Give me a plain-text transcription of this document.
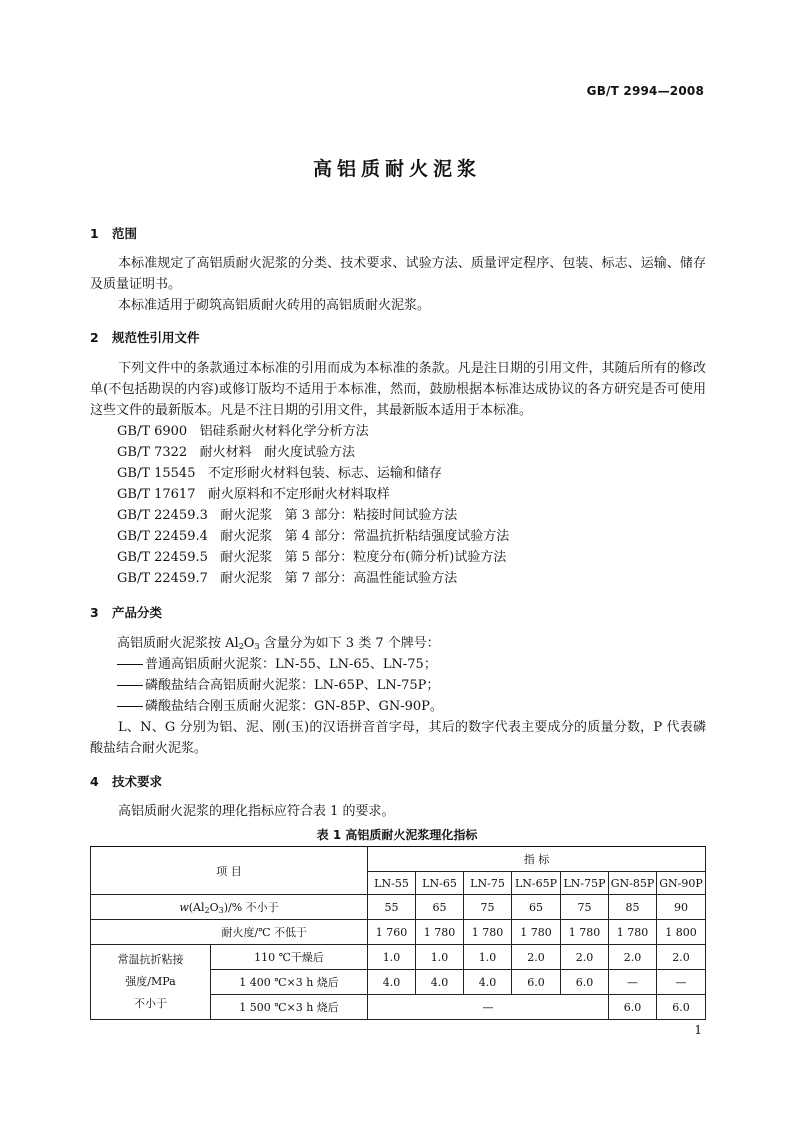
GB/T 2994—2008
高铝质耐火泥浆
1 范围
本标准规定了高铝质耐火泥浆的分类、技术要求、试验方法、质量评定程序、包装、标志、运输、储存及质量证明书。
本标准适用于砌筑高铝质耐火砖用的高铝质耐火泥浆。
2 规范性引用文件
下列文件中的条款通过本标准的引用而成为本标准的条款。凡是注日期的引用文件，其随后所有的修改单(不包括勘误的内容)或修订版均不适用于本标准，然而，鼓励根据本标准达成协议的各方研究是否可使用这些文件的最新版本。凡是不注日期的引用文件，其最新版本适用于本标准。
GB/T 6900   铝硅系耐火材料化学分析方法
GB/T 7322   耐火材料   耐火度试验方法
GB/T 15545   不定形耐火材料包装、标志、运输和储存
GB/T 17617   耐火原料和不定形耐火材料取样
GB/T 22459.3   耐火泥浆   第 3 部分：粘接时间试验方法
GB/T 22459.4   耐火泥浆   第 4 部分：常温抗折粘结强度试验方法
GB/T 22459.5   耐火泥浆   第 5 部分：粒度分布(筛分析)试验方法
GB/T 22459.7   耐火泥浆   第 7 部分：高温性能试验方法
3 产品分类
高铝质耐火泥浆按 $Al_2O_3$ 含量分为如下 3 类 7 个牌号：
普通高铝质耐火泥浆：LN-55、LN-65、LN-75；
磷酸盐结合高铝质耐火泥浆：LN-65P、LN-75P；
磷酸盐结合刚玉质耐火泥浆：GN-85P、GN-90P。
L、N、G 分别为铝、泥、刚(玉)的汉语拼音首字母，其后的数字代表主要成分的质量分数，P 代表磷酸盐结合耐火泥浆。
4 技术要求
高铝质耐火泥浆的理化指标应符合表 1 的要求。
表 1 高铝质耐火泥浆理化指标
项 目		指 标						
		LN-55	LN-65	LN-75	LN-65P	LN-75P	GN-85P	GN-90P
$w(Al_2O_3)/\%$ 不小于		55	65	75	65	75	85	90
耐火度/℃ 不低于		1 760	1 780	1 780	1 780	1 780	1 780	1 800

常温抗折粘接
强度/MPa
不小于	110 ℃干燥后	1.0	1.0	1.0	2.0	2.0	2.0	2.0
	1 400 ℃×3 h 烧后	4.0	4.0	4.0	6.0	6.0	—	—
	1 500 ℃×3 h 烧后	—					6.0	6.0
1
